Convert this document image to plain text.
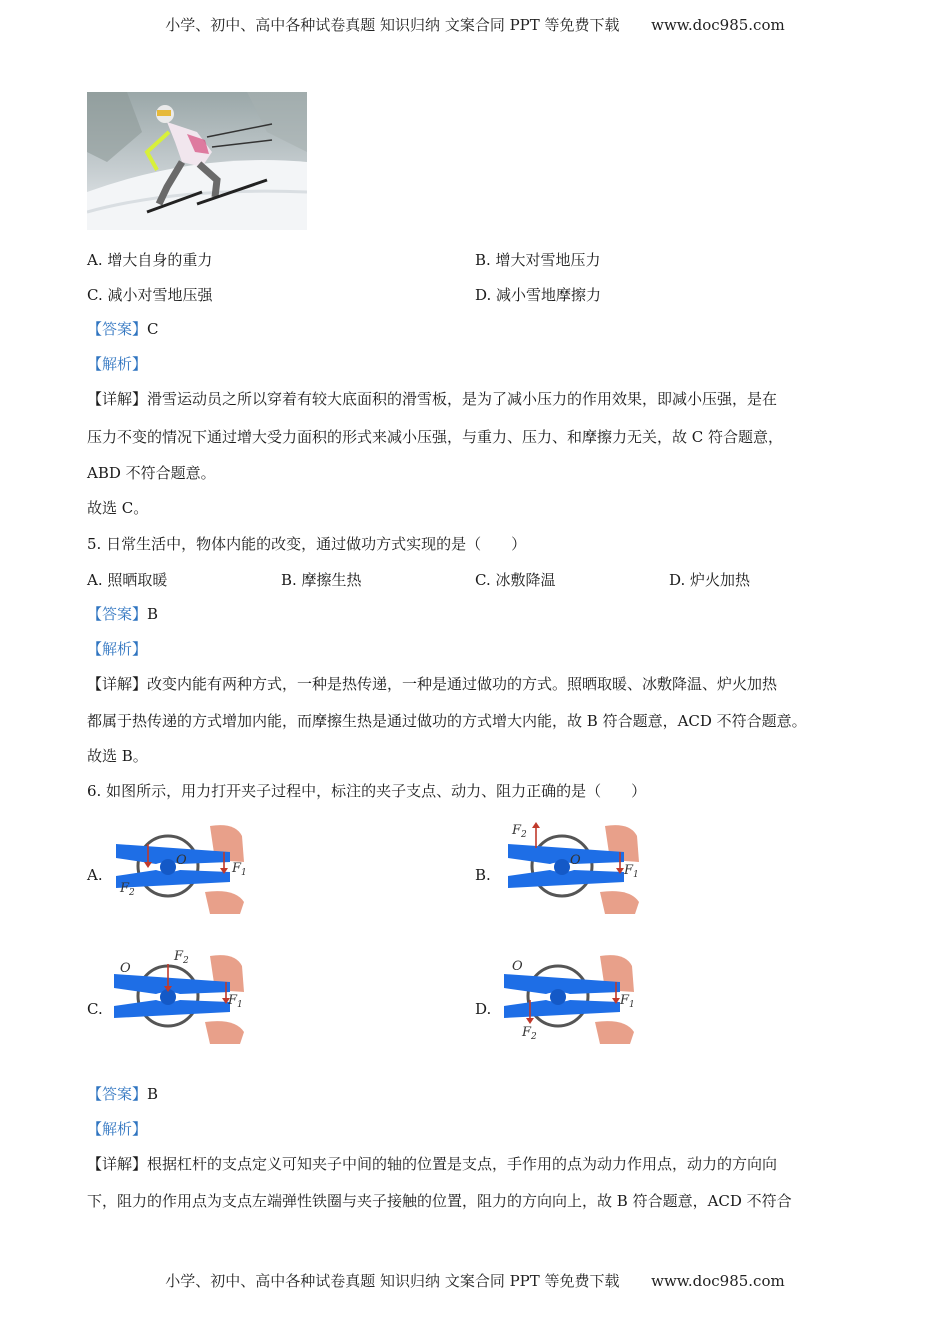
小学、初中、高中各种试卷真题 知识归纳 文案合同 PPT 等免费下载 www.doc985.com
A. 增大自身的重力	B. 增大对雪地压力
C. 减小对雪地压强	D. 减小雪地摩擦力
【答案】C
【解析】
【详解】滑雪运动员之所以穿着有较大底面积的滑雪板，是为了减小压力的作用效果，即减小压强，是在
压力不变的情况下通过增大受力面积的形式来减小压强，与重力、压力、和摩擦力无关，故 C 符合题意，
ABD 不符合题意。
故选 C。
5. 日常生活中，物体内能的改变，通过做功方式实现的是（　　）
A. 照晒取暖	B. 摩擦生热	C. 冰敷降温	D. 炉火加热
【答案】B
【解析】
【详解】改变内能有两种方式，一种是热传递，一种是通过做功的方式。照晒取暖、冰敷降温、炉火加热
都属于热传递的方式增加内能，而摩擦生热是通过做功的方式增大内能，故 B 符合题意，ACD 不符合题意。
故选 B。
6. 如图所示，用力打开夹子过程中，标注的夹子支点、动力、阻力正确的是（　　）
A.	B.
C.	D.
O
$F_1$
$F_2$
O
$F_1$
$F_2$
O
$F_1$
$F_2$	O
$F_1$
$F_2$
【答案】B
【解析】
【详解】根据杠杆的支点定义可知夹子中间的轴的位置是支点，手作用的点为动力作用点，动力的方向向
下，阻力的作用点为支点左端弹性铁圈与夹子接触的位置，阻力的方向向上，故 B 符合题意，ACD 不符合
小学、初中、高中各种试卷真题 知识归纳 文案合同 PPT 等免费下载 www.doc985.com
